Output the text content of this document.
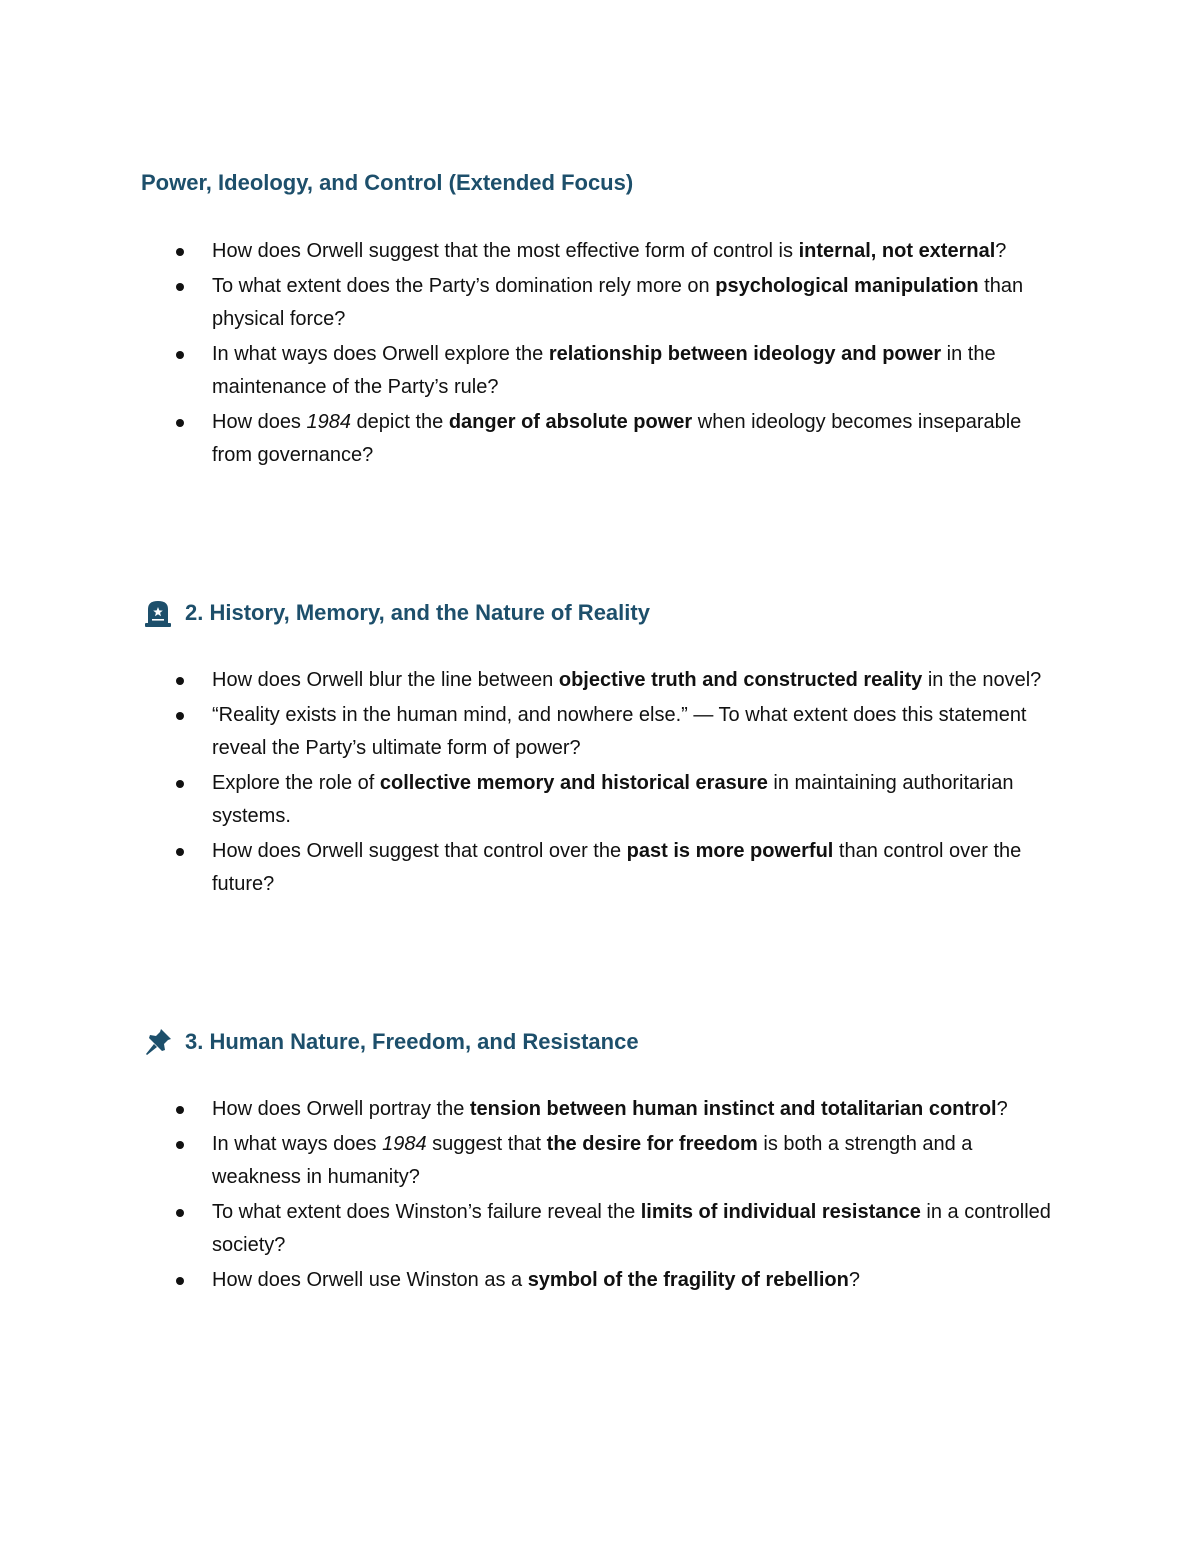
Power, Ideology, and Control (Extended Focus)
How does Orwell suggest that the most effective form of control is internal, not external?
To what extent does the Party’s domination rely more on psychological manipulation than physical force?
In what ways does Orwell explore the relationship between ideology and power in the maintenance of the Party’s rule?
How does 1984 depict the danger of absolute power when ideology becomes inseparable from governance?
2. History, Memory, and the Nature of Reality
How does Orwell blur the line between objective truth and constructed reality in the novel?
“Reality exists in the human mind, and nowhere else.” — To what extent does this statement reveal the Party’s ultimate form of power?
Explore the role of collective memory and historical erasure in maintaining authoritarian systems.
How does Orwell suggest that control over the past is more powerful than control over the future?
3. Human Nature, Freedom, and Resistance
How does Orwell portray the tension between human instinct and totalitarian control?
In what ways does 1984 suggest that the desire for freedom is both a strength and a weakness in humanity?
To what extent does Winston’s failure reveal the limits of individual resistance in a controlled society?
How does Orwell use Winston as a symbol of the fragility of rebellion?
